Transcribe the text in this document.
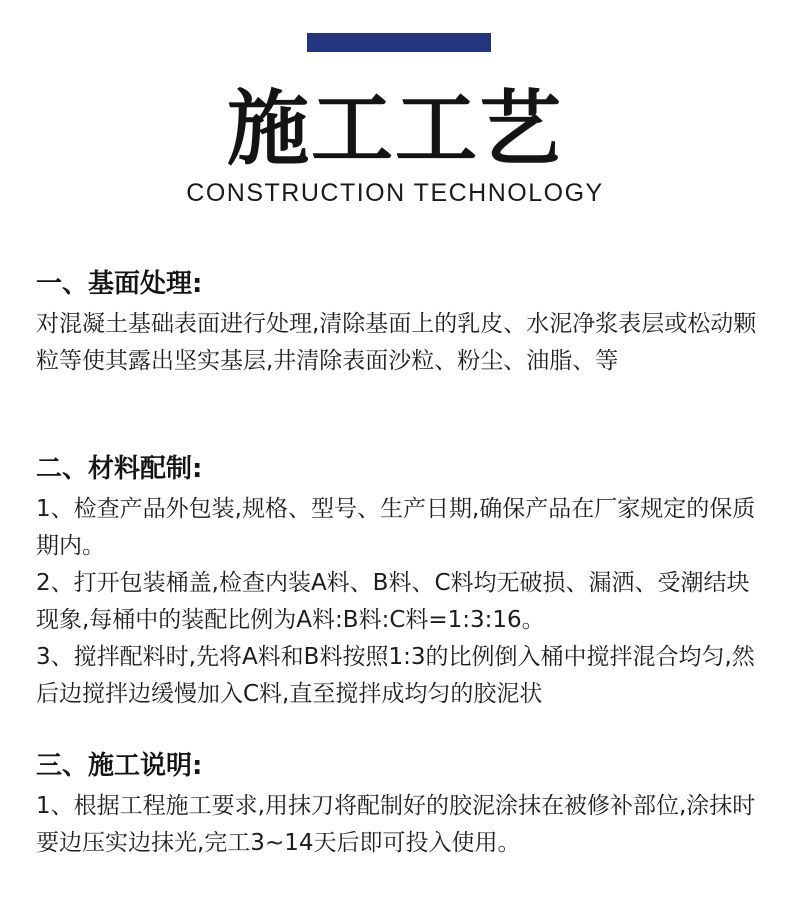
施工工艺
CONSTRUCTION TECHNOLOGY
一、基面处理:

对混凝土基础表面进行处理,清除基面上的乳皮、水泥净浆表层或松动颗粒等使其露出坚实基层,井清除表面沙粒、粉尘、油脂、等

二、材料配制:

1、检查产品外包装,规格、型号、生产日期,确保产品在厂家规定的保质期内。

2、打开包装桶盖,检查内装A料、B料、C料均无破损、漏洒、受潮结块现象,每桶中的装配比例为A料:B料:C料=1:3:16。

3、搅拌配料时,先将A料和B料按照1:3的比例倒入桶中搅拌混合均匀,然后边搅拌边缓慢加入C料,直至搅拌成均匀的胶泥状

三、施工说明:

1、根据工程施工要求,用抹刀将配制好的胶泥涂抹在被修补部位,涂抹时要边压实边抹光,完工3~14天后即可投入使用。
